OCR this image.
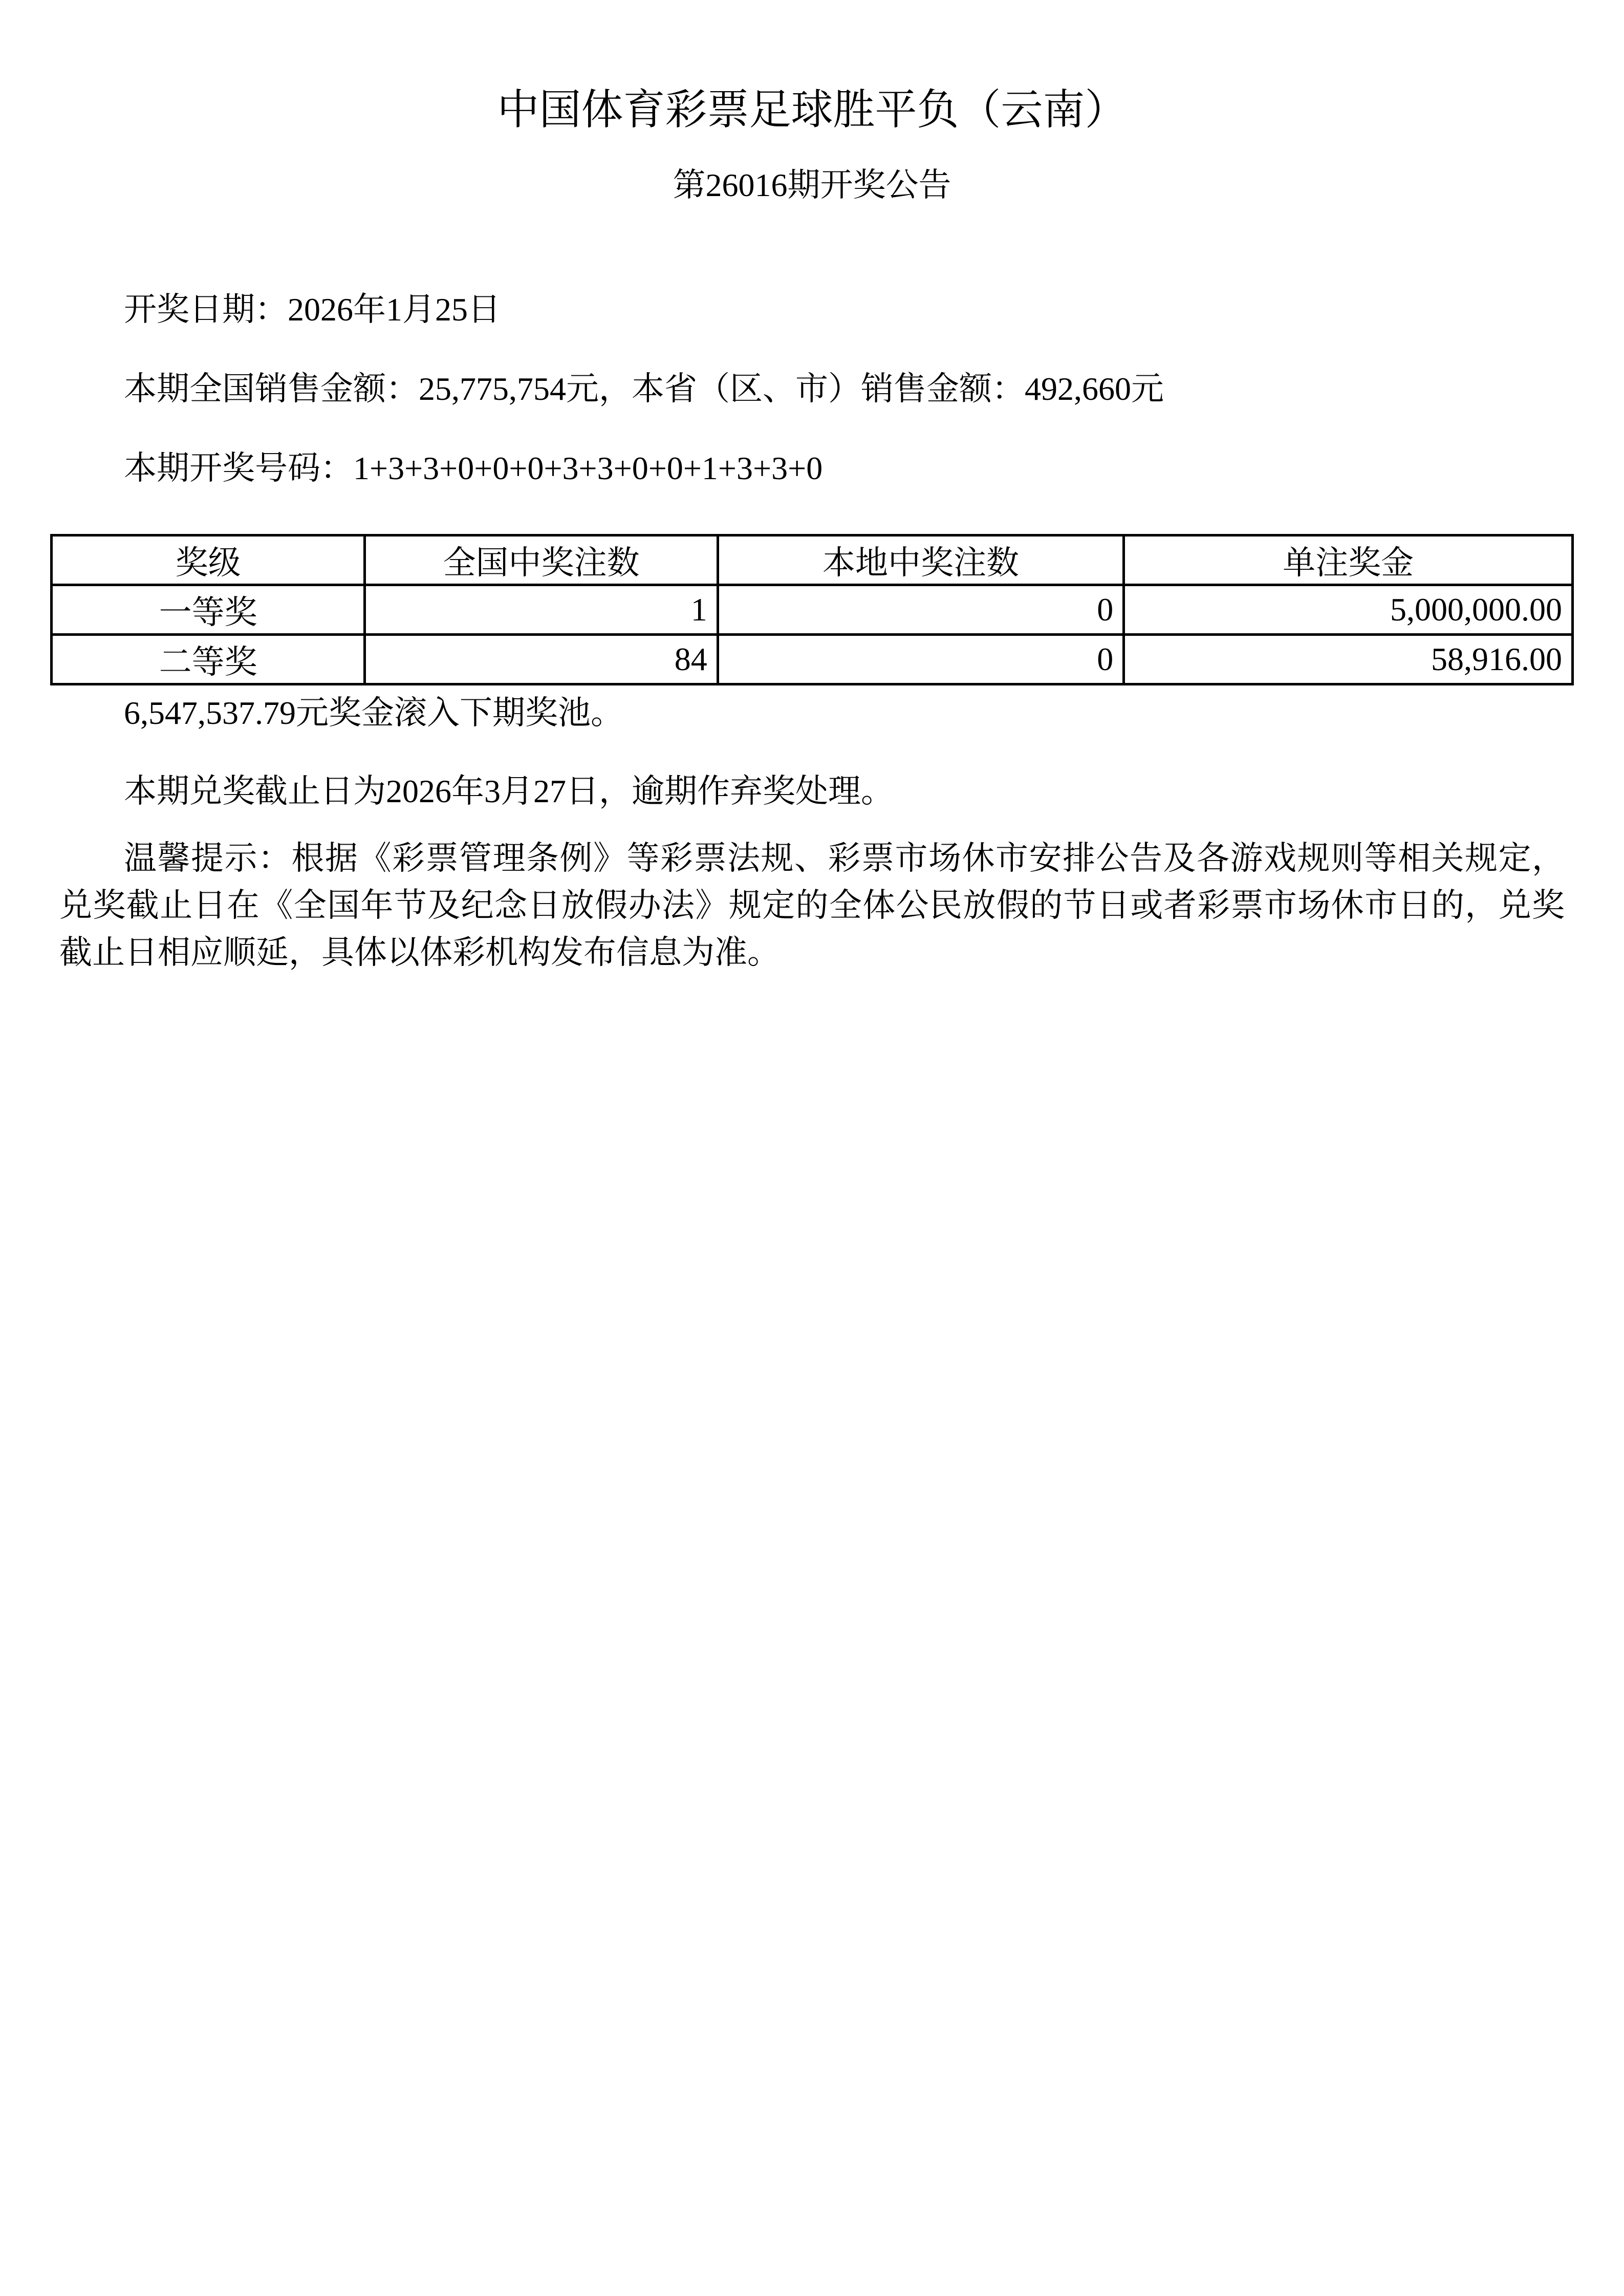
中国体育彩票足球胜平负（云南）
第26016期开奖公告

开奖日期：2026年1月25日

本期全国销售金额：25,775,754元，本省（区、市）销售金额：492,660元

本期开奖号码：1+3+3+0+0+0+3+3+0+0+1+3+3+0

奖级	全国中奖注数	本地中奖注数	单注奖金
一等奖	1	0	5,000,000.00
二等奖	84	0	58,916.00

6,547,537.79元奖金滚入下期奖池。

本期兑奖截止日为2026年3月27日，逾期作弃奖处理。

温馨提示：根据《彩票管理条例》等彩票法规、彩票市场休市安排公告及各游戏规则等相关规定，兑奖截止日在《全国年节及纪念日放假办法》规定的全体公民放假的节日或者彩票市场休市日的，兑奖截止日相应顺延，具体以体彩机构发布信息为准。
